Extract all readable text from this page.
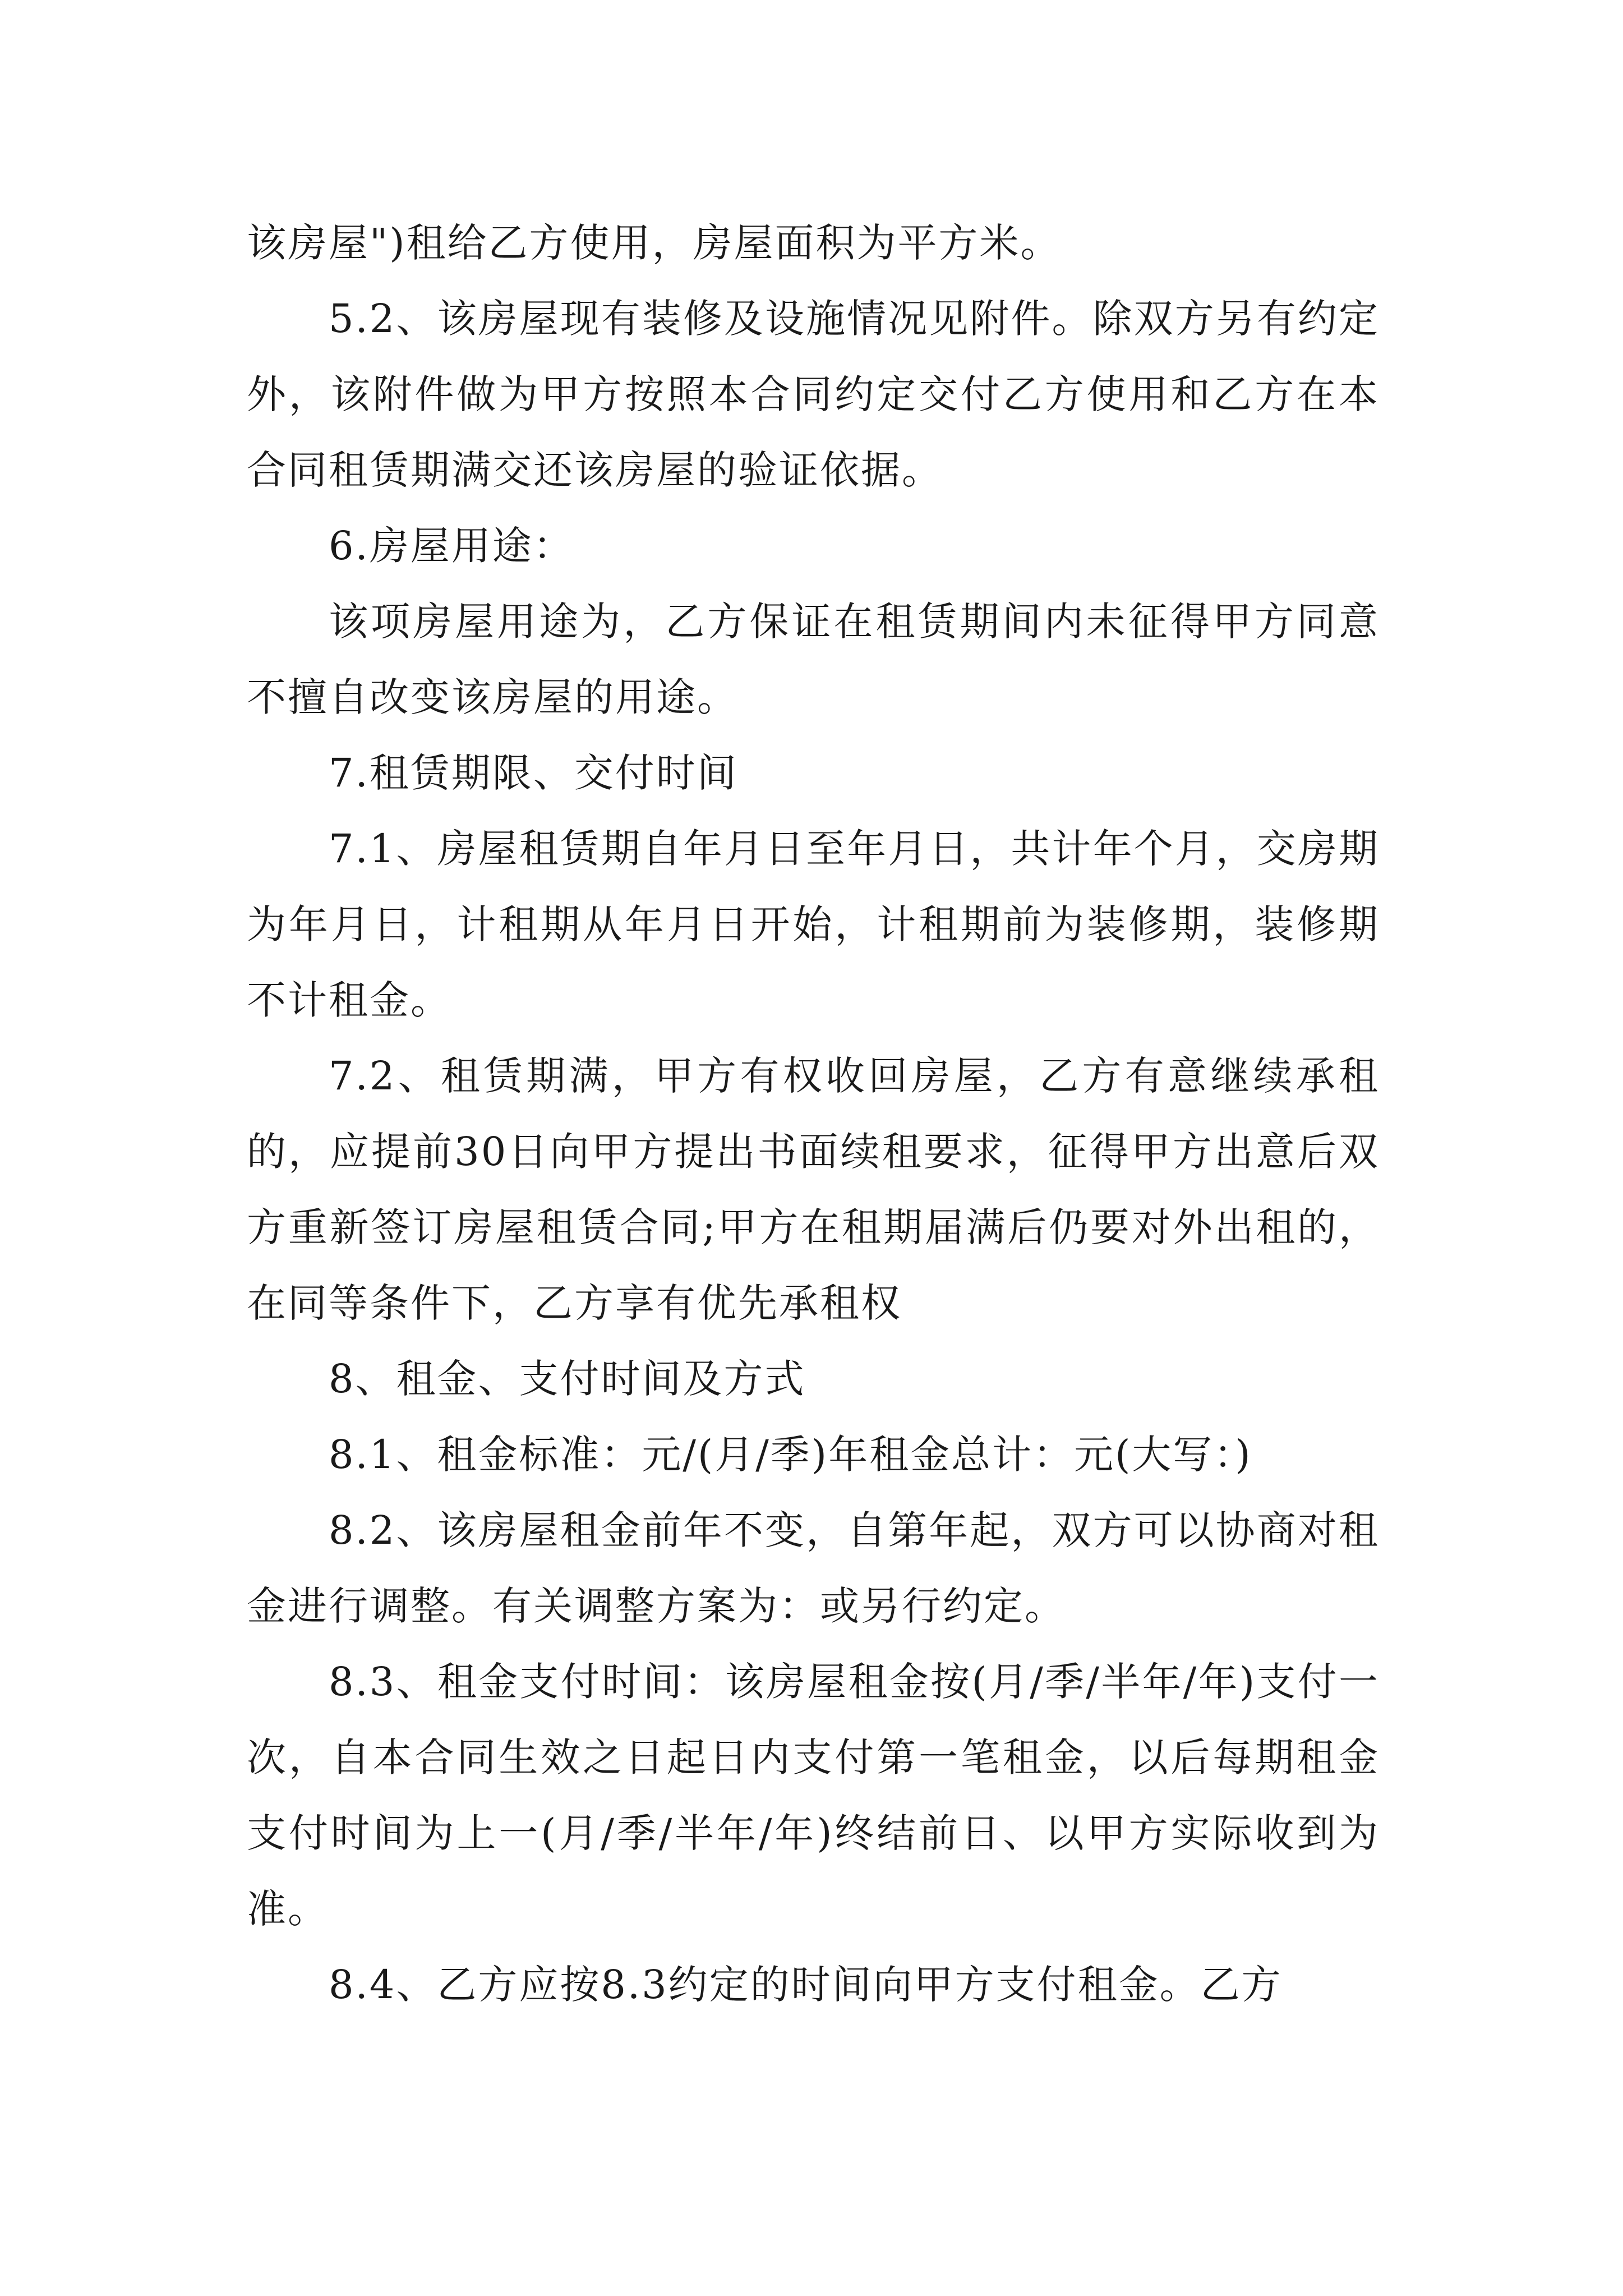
该房屋")租给乙方使用，房屋面积为平方米。

5.2、该房屋现有装修及设施情况见附件。除双方另有约定外，该附件做为甲方按照本合同约定交付乙方使用和乙方在本合同租赁期满交还该房屋的验证依据。

6.房屋用途：

该项房屋用途为，乙方保证在租赁期间内未征得甲方同意不擅自改变该房屋的用途。

7.租赁期限、交付时间

7.1、房屋租赁期自年月日至年月日，共计年个月，交房期为年月日，计租期从年月日开始，计租期前为装修期，装修期不计租金。

7.2、租赁期满，甲方有权收回房屋，乙方有意继续承租的，应提前30日向甲方提出书面续租要求，征得甲方出意后双方重新签订房屋租赁合同;甲方在租期届满后仍要对外出租的，在同等条件下，乙方享有优先承租权

8、租金、支付时间及方式

8.1、租金标准：元/(月/季)年租金总计：元(大写：)

8.2、该房屋租金前年不变，自第年起，双方可以协商对租金进行调整。有关调整方案为：或另行约定。

8.3、租金支付时间：该房屋租金按(月/季/半年/年)支付一次，自本合同生效之日起日内支付第一笔租金，以后每期租金支付时间为上一(月/季/半年/年)终结前日、以甲方实际收到为准。

8.4、乙方应按8.3约定的时间向甲方支付租金。乙方
